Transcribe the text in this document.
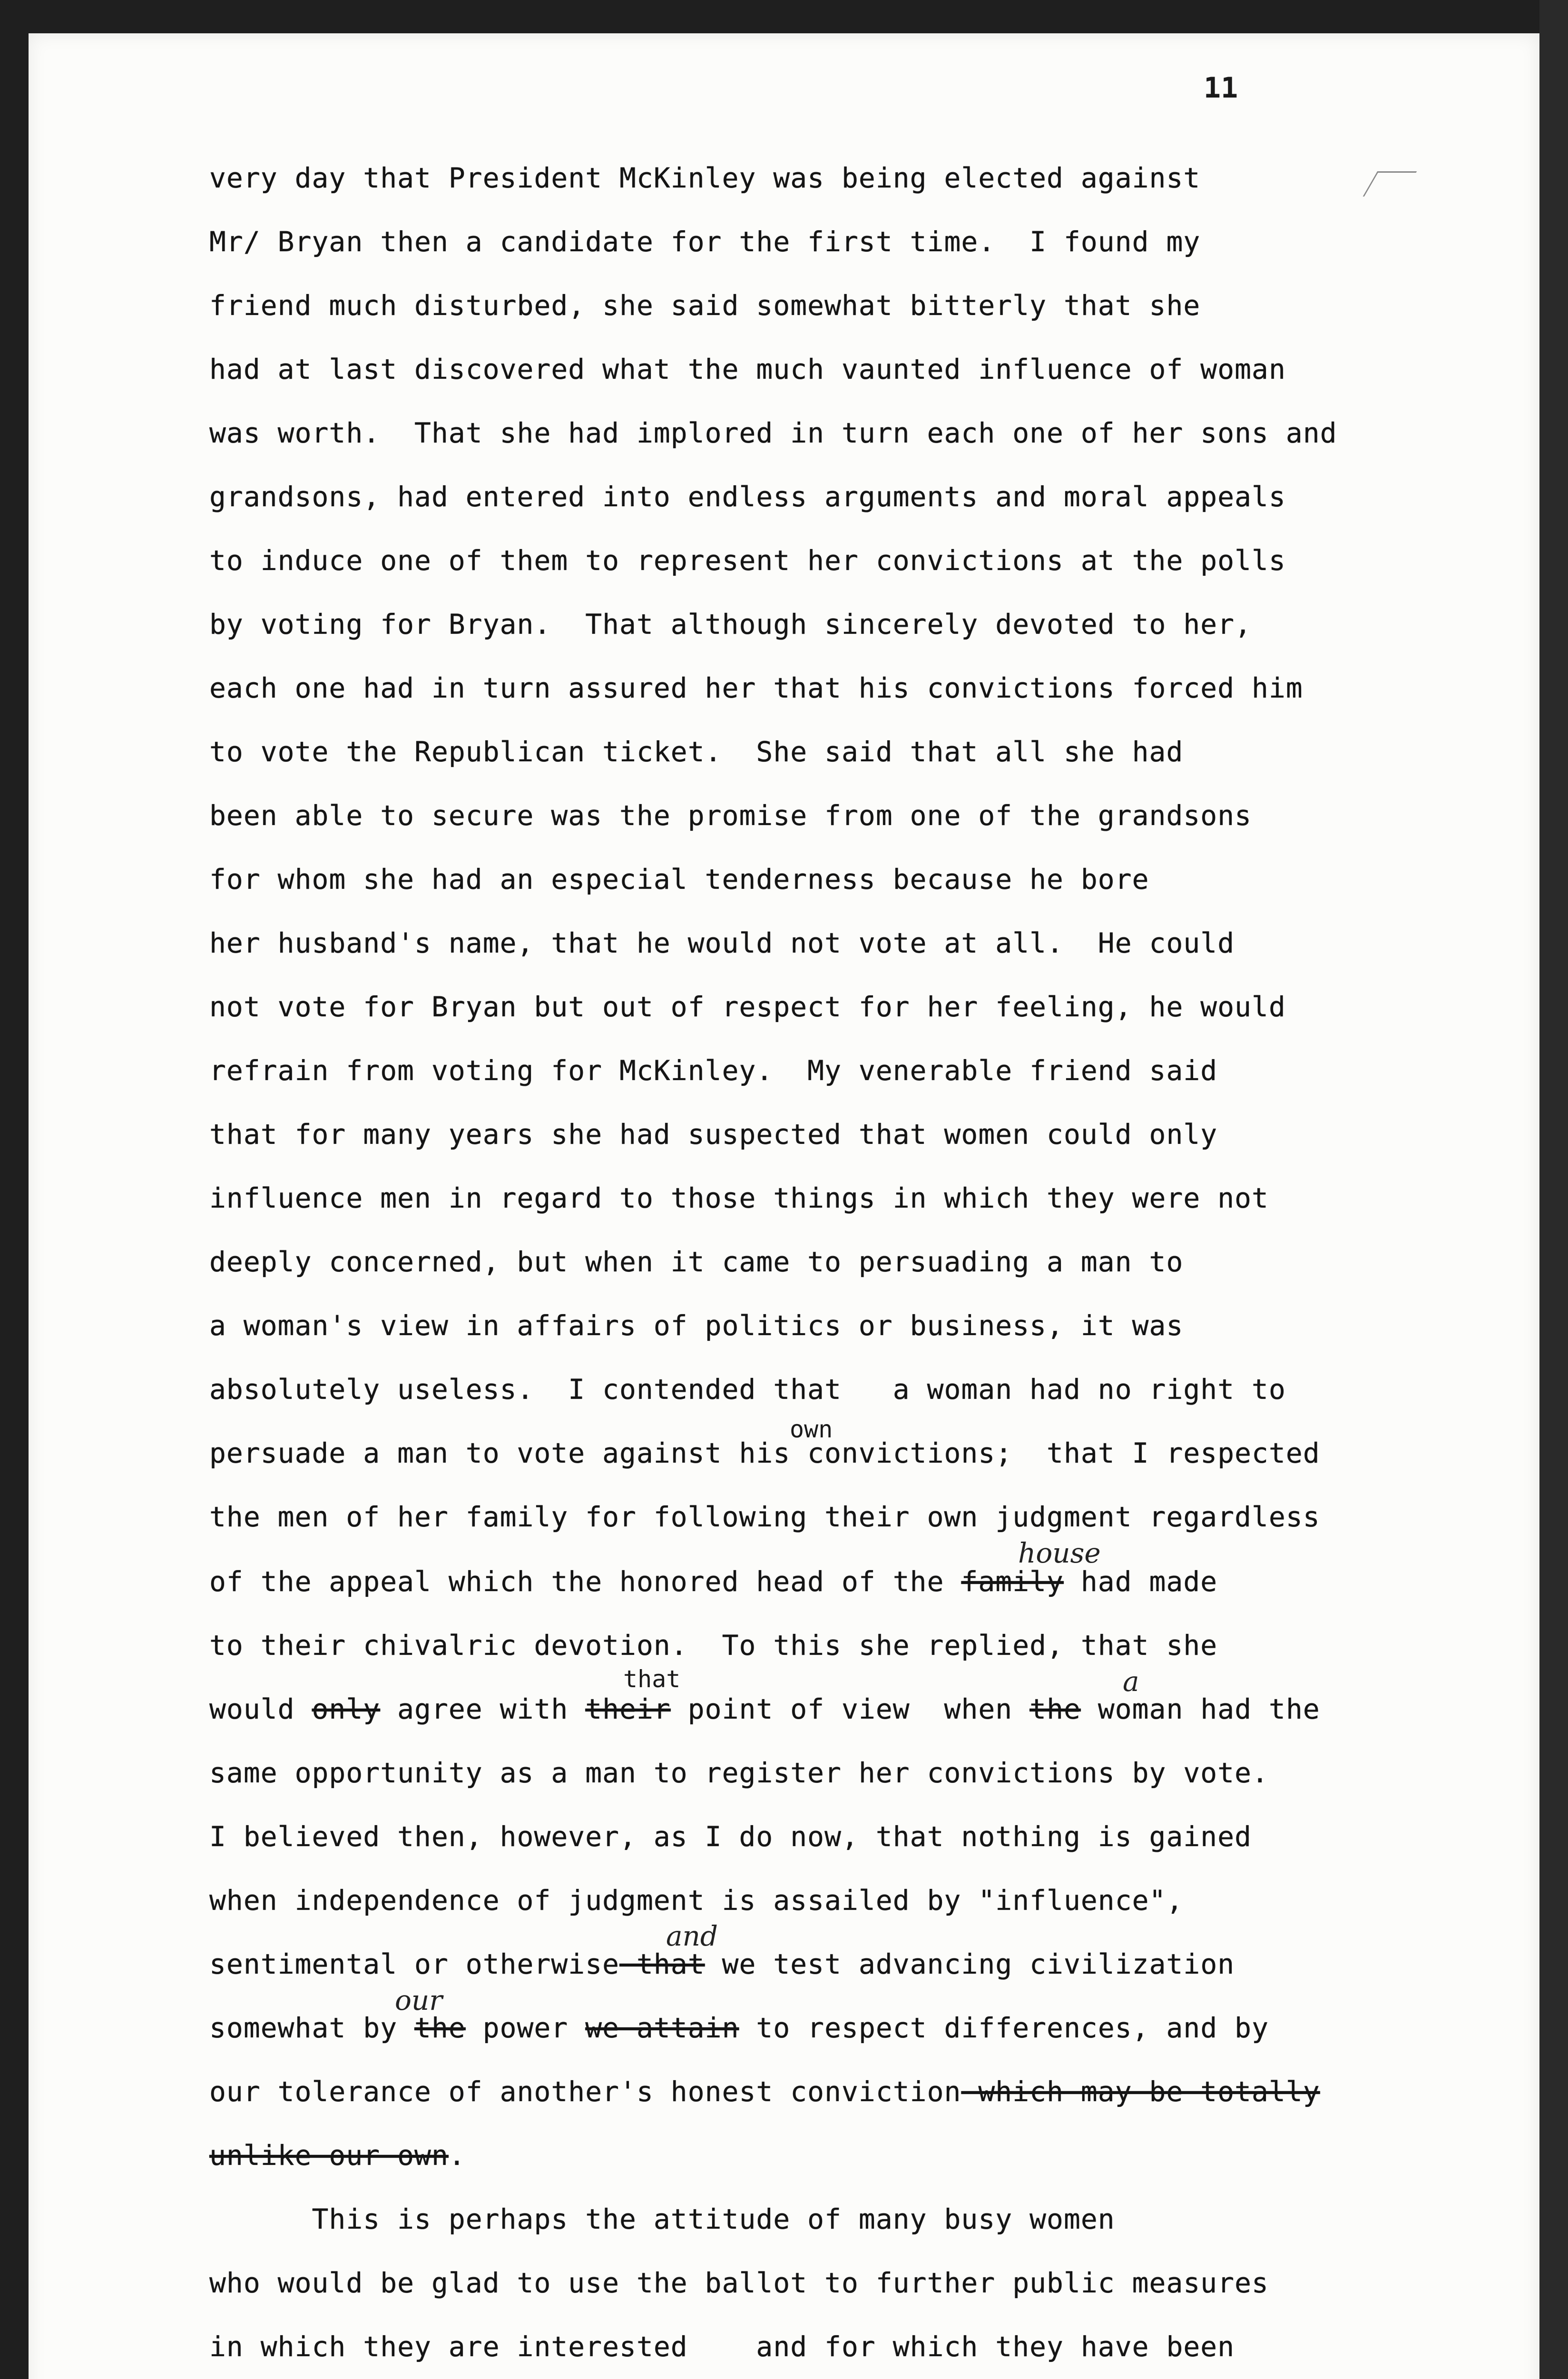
11
very day that President McKinley was being elected against
Mr/ Bryan then a candidate for the first time.  I found my
friend much disturbed, she said somewhat bitterly that she
had at last discovered what the much vaunted influence of woman
was worth.  That she had implored in turn each one of her sons and
grandsons, had entered into endless arguments and moral appeals
to induce one of them to represent her convictions at the polls
by voting for Bryan.  That although sincerely devoted to her,
each one had in turn assured her that his convictions forced him
to vote the Republican ticket.  She said that all she had
been able to secure was the promise from one of the grandsons
for whom she had an especial tenderness because he bore
her husband's name, that he would not vote at all.  He could
not vote for Bryan but out of respect for her feeling, he would
refrain from voting for McKinley.  My venerable friend said
that for many years she had suspected that women could only
influence men in regard to those things in which they were not
deeply concerned, but when it came to persuading a man to
a woman's view in affairs of politics or business, it was
absolutely useless.  I contended that   a woman had no right to
persuade a man to vote against his convictions;  that I respected
the men of her family for following their own judgment regardless
of the appeal which the honored head of the family had made
to their chivalric devotion.  To this she replied, that she
would only agree with their point of view  when the woman had the
same opportunity as a man to register her convictions by vote.
I believed then, however, as I do now, that nothing is gained
when independence of judgment is assailed by "influence",
sentimental or otherwise that we test advancing civilization
somewhat by the power we attain to respect differences, and by
our tolerance of another's honest conviction which may be totally
unlike our own.
This is perhaps the attitude of many busy women
who would be glad to use the ballot to further public measures
in which they are interested    and for which they have been
own
house
that	a
and
our
